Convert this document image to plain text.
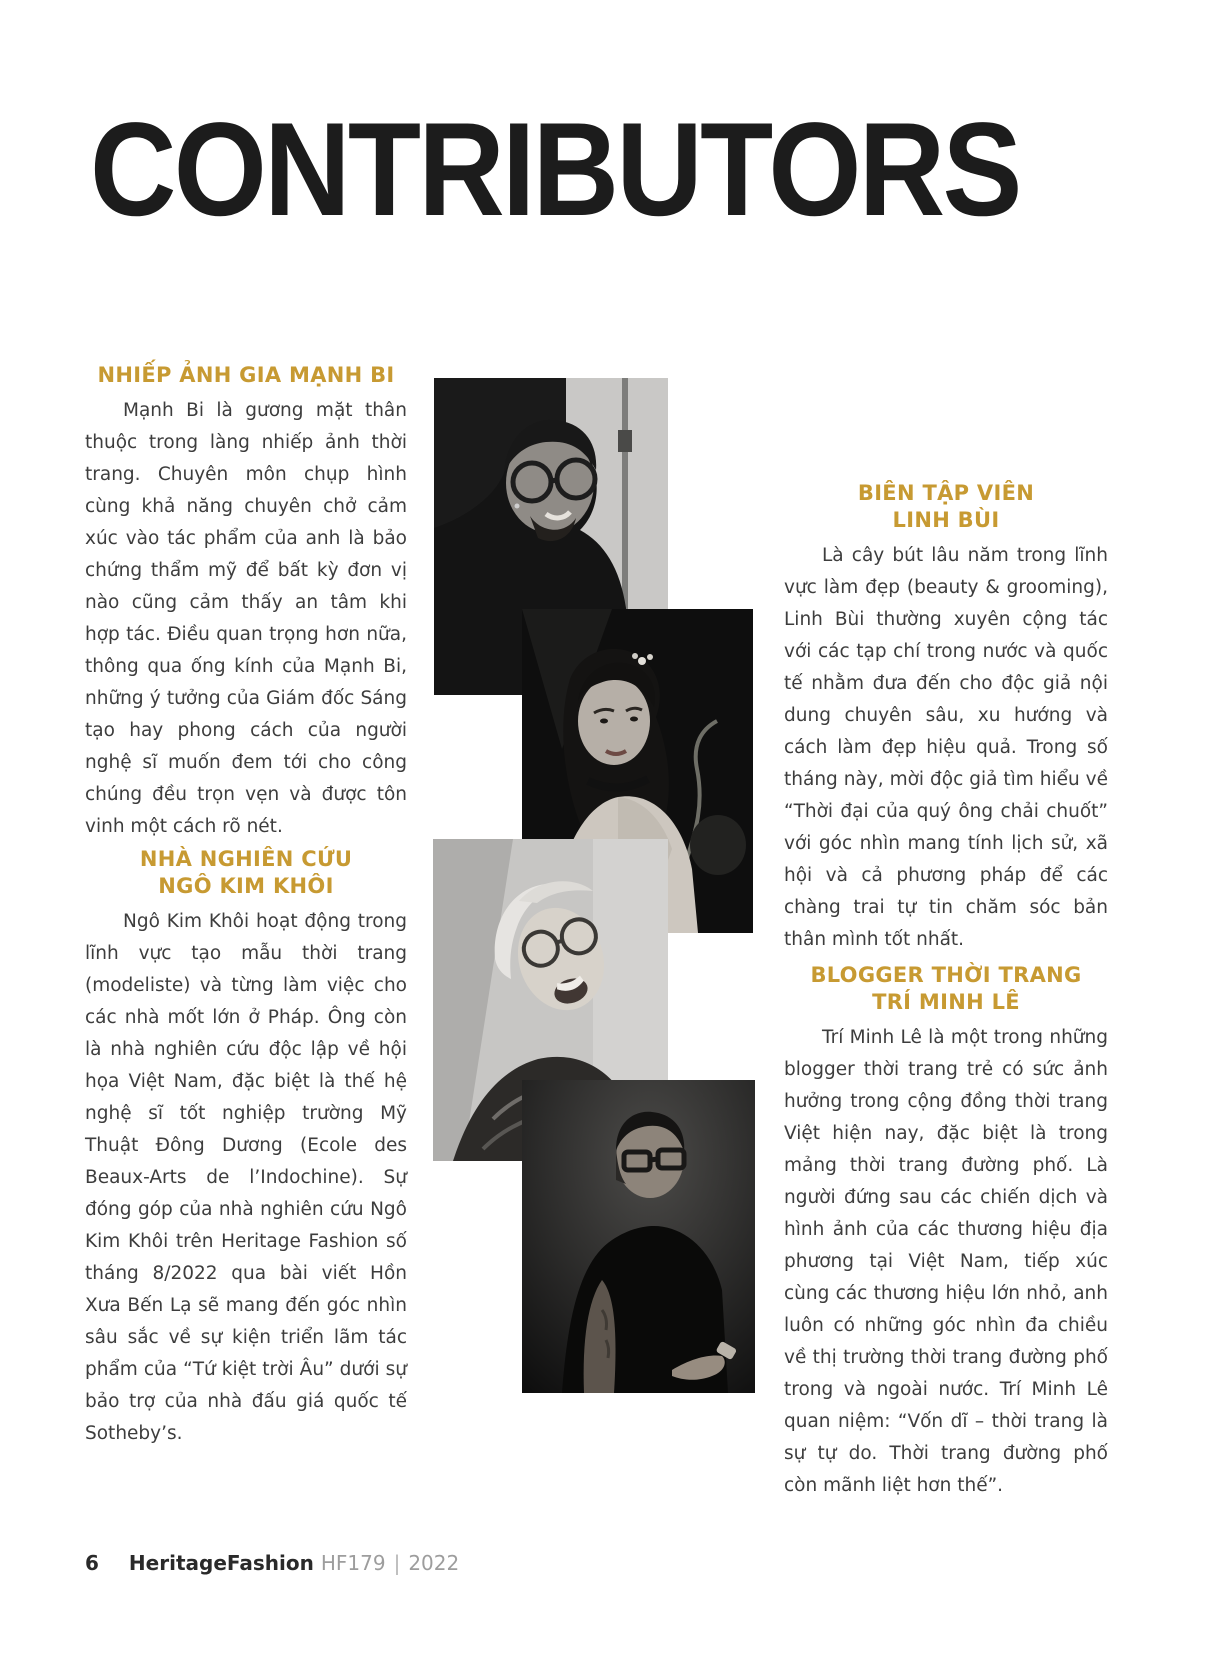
CONTRIBUTORS
NHIẾP ẢNH GIA MẠNH BI

Mạnh Bi là gương mặt thân thuộc trong làng nhiếp ảnh thời trang. Chuyên môn chụp hình cùng khả năng chuyên chở cảm xúc vào tác phẩm của anh là bảo chứng thẩm mỹ để bất kỳ đơn vị nào cũng cảm thấy an tâm khi hợp tác. Điều quan trọng hơn nữa, thông qua ống kính của Mạnh Bi, những ý tưởng của Giám đốc Sáng tạo hay phong cách của người nghệ sĩ muốn đem tới cho công chúng đều trọn vẹn và được tôn vinh một cách rõ nét.

NHÀ NGHIÊN CỨU
NGÔ KIM KHÔI

Ngô Kim Khôi hoạt động trong lĩnh vực tạo mẫu thời trang (modeliste) và từng làm việc cho các nhà mốt lớn ở Pháp. Ông còn là nhà nghiên cứu độc lập về hội họa Việt Nam, đặc biệt là thế hệ nghệ sĩ tốt nghiệp trường Mỹ Thuật Đông Dương (Ecole des Beaux-Arts de l’Indochine). Sự đóng góp của nhà nghiên cứu Ngô Kim Khôi trên Heritage Fashion số tháng 8/2022 qua bài viết Hồn Xưa Bến Lạ sẽ mang đến góc nhìn sâu sắc về sự kiện triển lãm tác phẩm của “Tứ kiệt trời Âu” dưới sự bảo trợ của nhà đấu giá quốc tế Sotheby’s.

BIÊN TẬP VIÊN
LINH BÙI

Là cây bút lâu năm trong lĩnh vực làm đẹp (beauty & grooming), Linh Bùi thường xuyên cộng tác với các tạp chí trong nước và quốc tế nhằm đưa đến cho độc giả nội dung chuyên sâu, xu hướng và cách làm đẹp hiệu quả. Trong số tháng này, mời độc giả tìm hiểu về “Thời đại của quý ông chải chuốt” với góc nhìn mang tính lịch sử, xã hội và cả phương pháp để các chàng trai tự tin chăm sóc bản thân mình tốt nhất.

BLOGGER THỜI TRANG
TRÍ MINH LÊ

Trí Minh Lê là một trong những blogger thời trang trẻ có sức ảnh hưởng trong cộng đồng thời trang Việt hiện nay, đặc biệt là trong mảng thời trang đường phố. Là người đứng sau các chiến dịch và hình ảnh của các thương hiệu địa phương tại Việt Nam, tiếp xúc cùng các thương hiệu lớn nhỏ, anh luôn có những góc nhìn đa chiều về thị trường thời trang đường phố trong và ngoài nước. Trí Minh Lê quan niệm: “Vốn dĩ – thời trang là sự tự do. Thời trang đường phố còn mãnh liệt hơn thế”.

6 HeritageFashion HF179 | 2022
